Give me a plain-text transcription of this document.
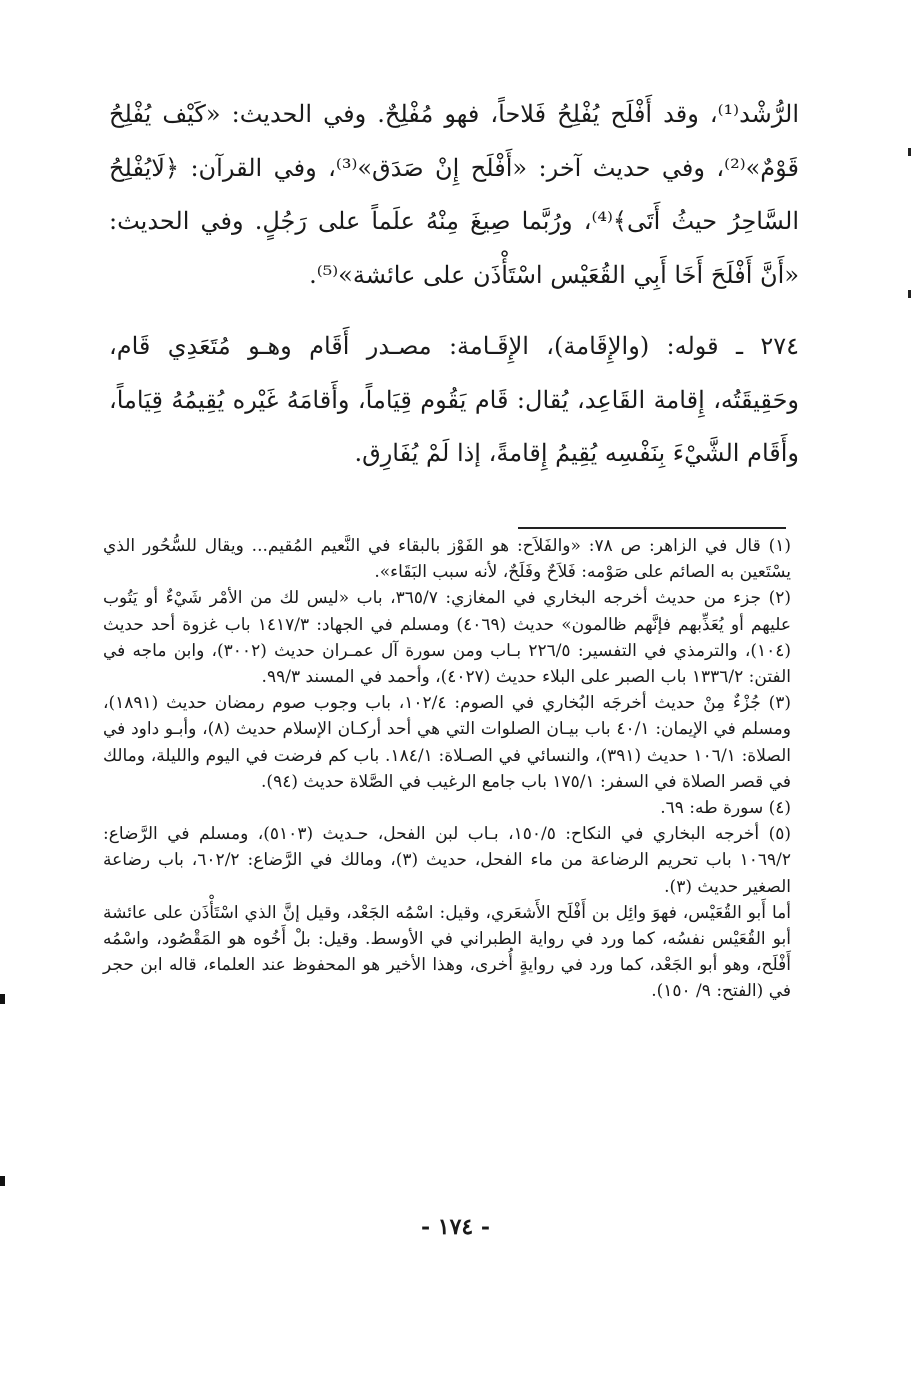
الرُّشْد⁽¹⁾، وقد أَفْلَح يُفْلِحُ فَلاحاً، فهو مُفْلِحٌ. وفي الحديث: «كَيْف يُفْلِحُ قَوْمٌ»⁽²⁾، وفي حديث آخر: «أَفْلَح إِنْ صَدَق»⁽³⁾، وفي القرآن: ﴿لَايُفْلِحُ السَّاحِرُ حيثُ أَتَى﴾⁽⁴⁾، ورُبَّما صِيغَ مِنْهُ علَماً على رَجُلٍ. وفي الحديث: «أَنَّ أَفْلَحَ أَخَا أَبِي القُعَيْس اسْتَأْذَن على عائشة»⁽⁵⁾.

٢٧٤ ـ قوله: (والإِقَامة)، الإِقَـامة: مصـدر أَقَام وهـو مُتَعَدِي قَام، وحَقِيقَتُه، إِقامة القَاعِد، يُقال: قَام يَقُوم قِيَاماً، وأَقامَهُ غَيْره يُقِيمُهُ قِيَاماً، وأَقَام الشَّيْءَ بِنَفْسِه يُقِيمُ إِقامةً، إذا لَمْ يُفَارِق.

(١) قال في الزاهر: ص ٧٨: «والفَلاَح: هو الفَوْز بالبقاء في النَّعيم المُقيم... ويقال للسُّحُور الذي يسْتَعين به الصائم على صَوْمه: فَلاَحٌ وفَلَحٌ، لأنه سبب البَقَاء».

(٢) جزء من حديث أخرجه البخاري في المغازي: ٣٦٥/٧، باب «ليس لك من الأمْر شَيْءٌ أو يَتُوب عليهم أو يُعَذِّبهم فإنَّهم ظالمون» حديث (٤٠٦٩) ومسلم في الجهاد: ١٤١٧/٣ باب غزوة أحد حديث (١٠٤)، والترمذي في التفسير: ٢٢٦/٥ بـاب ومن سورة آل عمـران حديث (٣٠٠٢)، وابن ماجه في الفتن: ١٣٣٦/٢ باب الصبر على البلاء حديث (٤٠٢٧)، وأحمد في المسند ٩٩/٣.

(٣) جُزْءٌ مِنْ حديث أخرجَه البُخاري في الصوم: ١٠٢/٤، باب وجوب صوم رمضان حديث (١٨٩١)، ومسلم في الإيمان: ٤٠/١ باب بيـان الصلوات التي هي أحد أركـان الإسلام حديث (٨)، وأبـو داود في الصلاة: ١٠٦/١ حديث (٣٩١)، والنسائي في الصـلاة: ١٨٤/١. باب كم فرضت في اليوم والليلة، ومالك في قصر الصلاة في السفر: ١٧٥/١ باب جامع الرغيب في الصَّلاة حديث (٩٤).

(٤) سورة طه: ٦٩.

(٥) أخرجه البخاري في النكاح: ١٥٠/٥، بـاب لبن الفحل، حـديث (٥١٠٣)، ومسلم في الرَّضاع: ١٠٦٩/٢ باب تحريم الرضاعة من ماء الفحل، حديث (٣)، ومالك في الرَّضاع: ٦٠٢/٢، باب رضاعة الصغير حديث (٣).

أما أَبو القُعَيْس، فهوَ وائِل بن أَفْلَح الأَشعَري، وقيل: اسْمُه الجَعْد، وقيل إنَّ الذي اسْتَأْذَن على عائشة أبو القُعَيْس نفسُه، كما ورد في رواية الطبراني في الأوسط. وقيل: بلْ أَخُوه هو المَقْصُود، واسْمُه أَفْلَح، وهو أبو الجَعْد، كما ورد في روايةٍ أُخرى، وهذا الأخير هو المحفوظ عند العلماء، قاله ابن حجر في (الفتح: ٩/ ١٥٠).

- ١٧٤ -
